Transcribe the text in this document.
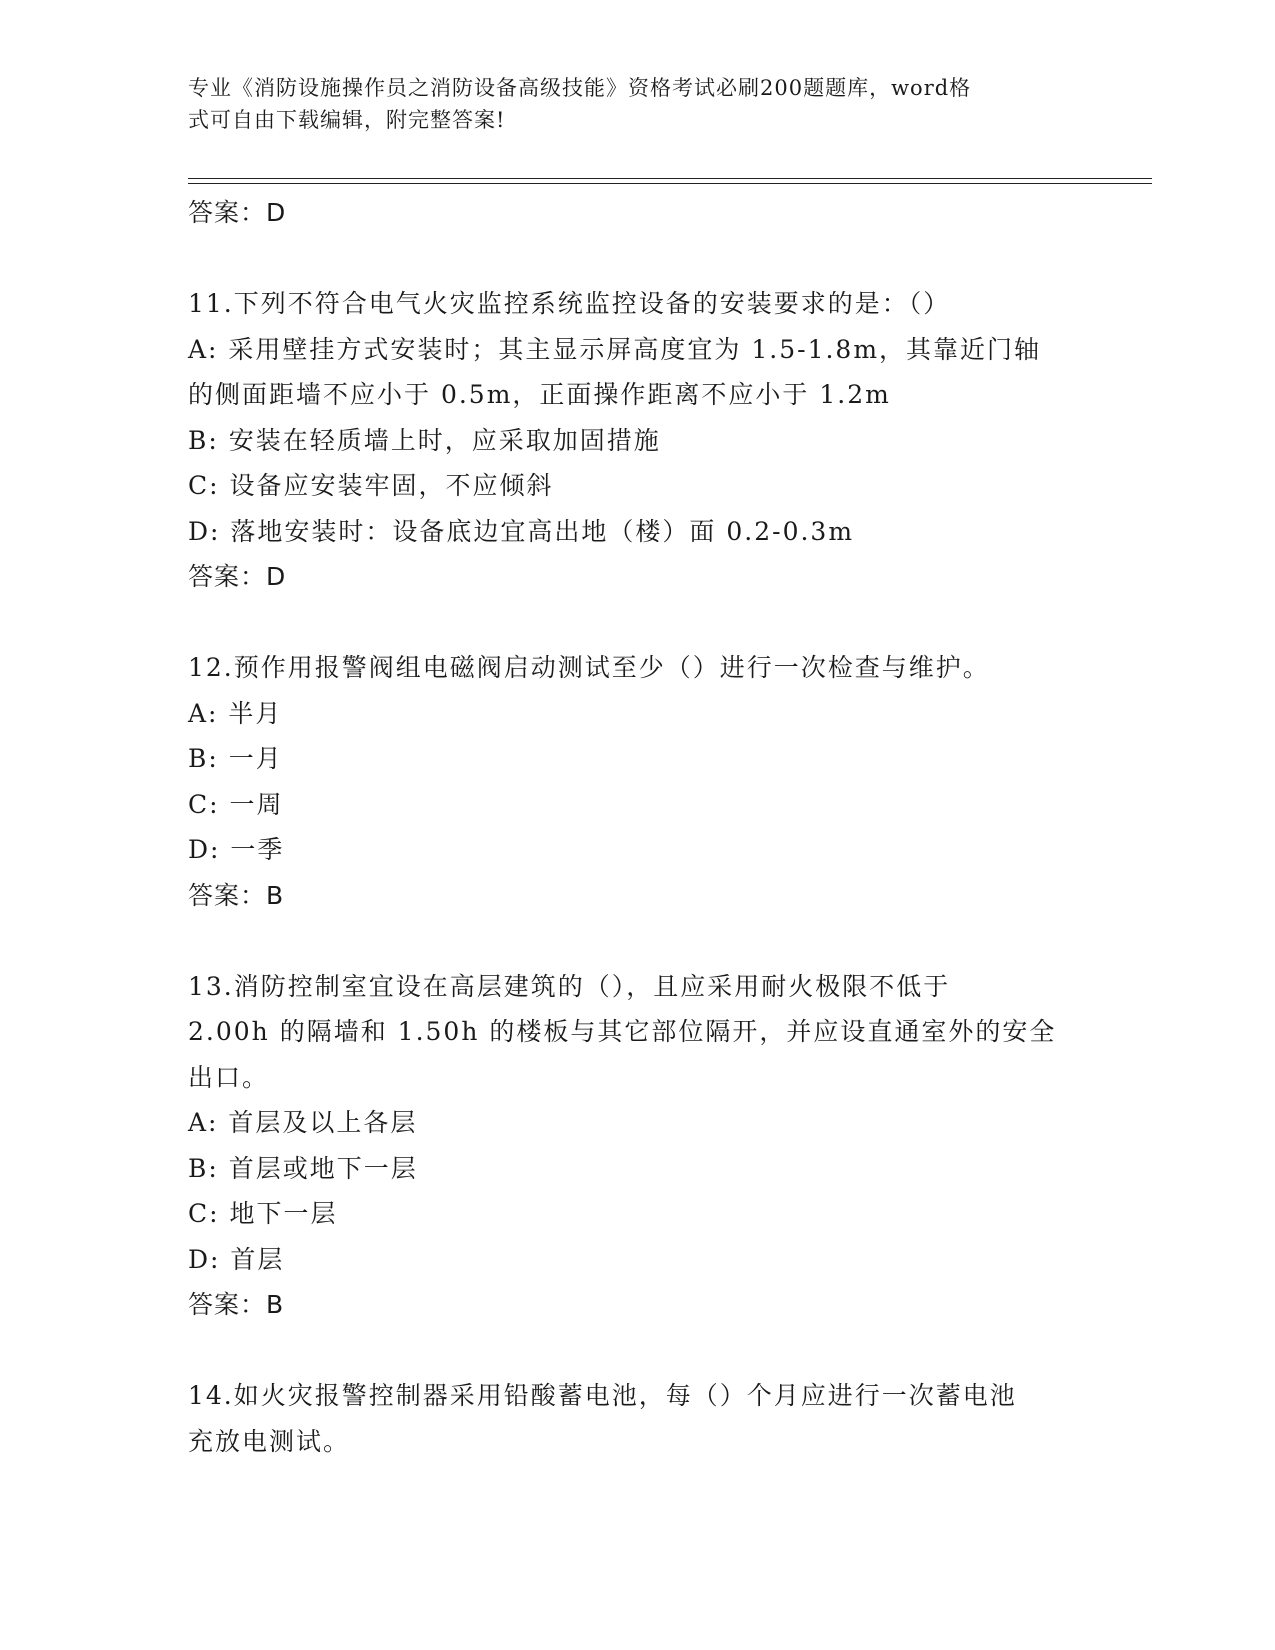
专业《消防设施操作员之消防设备高级技能》资格考试必刷200题题库，word格
式可自由下载编辑，附完整答案!
答案：D
11.下列不符合电气火灾监控系统监控设备的安装要求的是：（）
A: 采用壁挂方式安装时；其主显示屏高度宜为 1.5-1.8m，其靠近门轴
的侧面距墙不应小于 0.5m，正面操作距离不应小于 1.2m
B: 安装在轻质墙上时，应采取加固措施
C: 设备应安装牢固，不应倾斜
D: 落地安装时：设备底边宜高出地（楼）面 0.2-0.3m
答案：D
12.预作用报警阀组电磁阀启动测试至少（）进行一次检查与维护。
A: 半月
B: 一月
C: 一周
D: 一季
答案：B
13.消防控制室宜设在高层建筑的（），且应采用耐火极限不低于
2.00h 的隔墙和 1.50h 的楼板与其它部位隔开，并应设直通室外的安全
出口。
A: 首层及以上各层
B: 首层或地下一层
C: 地下一层
D: 首层
答案：B
14.如火灾报警控制器采用铅酸蓄电池，每（）个月应进行一次蓄电池
充放电测试。
